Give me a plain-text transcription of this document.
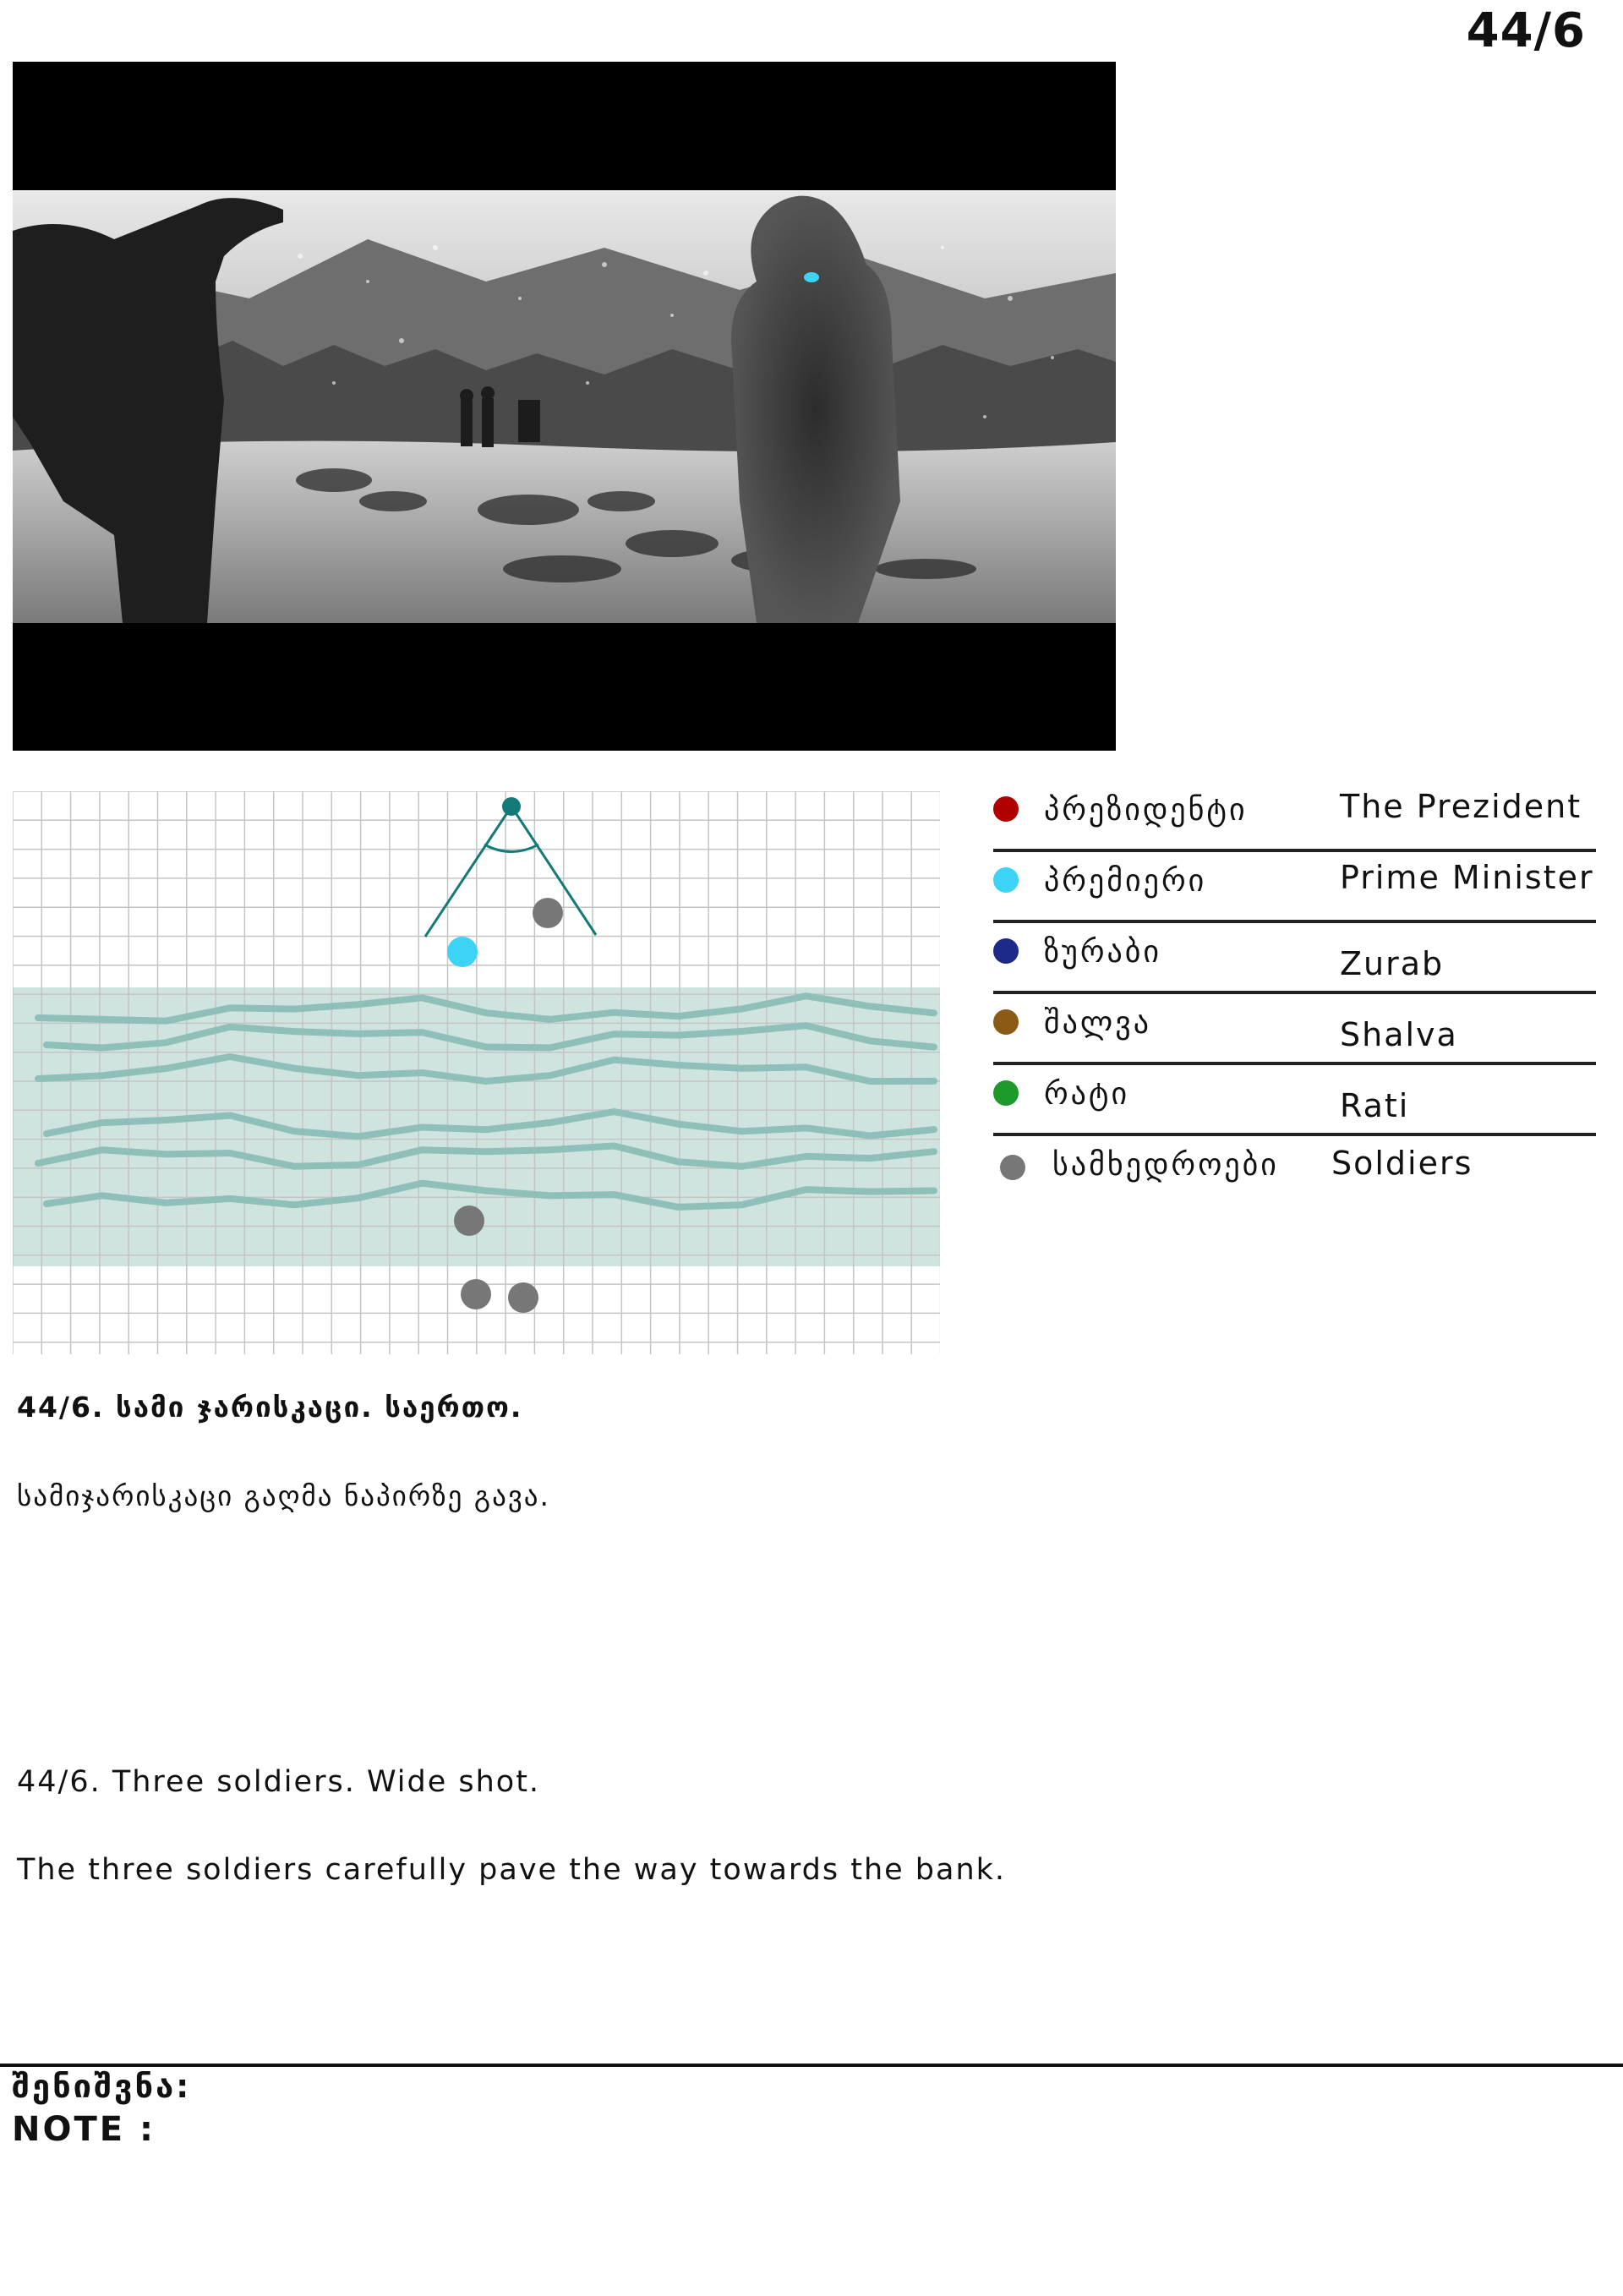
44/6
პრეზიდენტი	The Prezident
პრემიერი	Prime Minister
ზურაბი	Zurab
შალვა	Shalva
რატი	Rati
სამხედროები Soldiers
44/6. სამი ჯარისკაცი. საერთო.
სამიჯარისკაცი გაღმა ნაპირზე გავა.
44/6. Three soldiers. Wide shot.
The three soldiers carefully pave the way towards the bank.
შენიშვნა:
NOTE :
